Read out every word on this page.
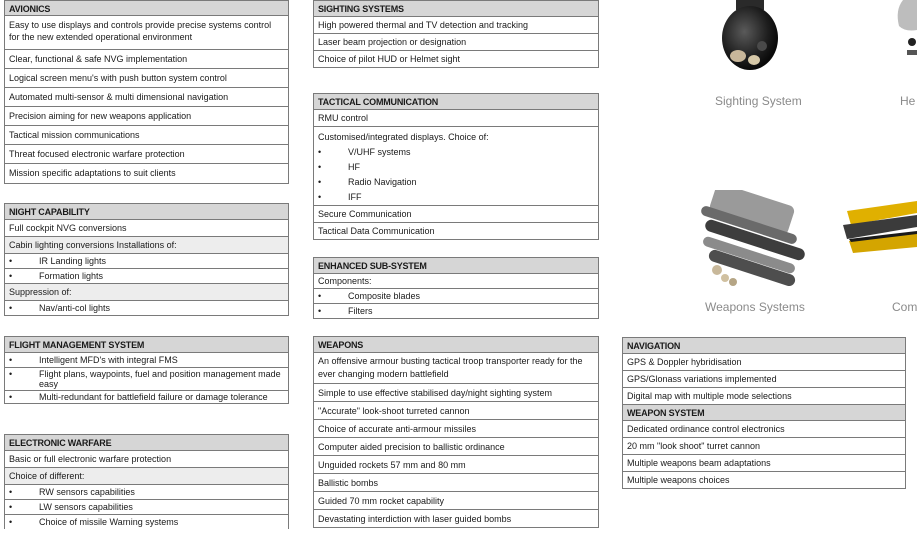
AVIONICS
Easy to use displays and controls provide precise systems control for the new extended operational environment
Clear, functional & safe NVG implementation
Logical screen menu's with push button system control
Automated multi-sensor & multi dimensional navigation
Precision aiming for new weapons application
Tactical mission communications
Threat focused electronic warfare protection
Mission specific adaptations to suit clients
NIGHT CAPABILITY
Full cockpit NVG conversions
Cabin lighting conversions Installations of:
•	IR Landing lights
•	Formation lights
Suppression of:
•	Nav/anti-col lights
FLIGHT MANAGEMENT SYSTEM
•	Intelligent MFD's with integral FMS
•	Flight plans, waypoints, fuel and position management made easy
•	Multi-redundant for battlefield failure or damage tolerance
ELECTRONIC WARFARE
Basic or full electronic warfare protection
Choice of different:
•	RW sensors capabilities
•	LW sensors capabilities
•	Choice of missile Warning systems
SIGHTING SYSTEMS
High powered thermal and TV detection and tracking
Laser beam projection or designation
Choice of pilot HUD or Helmet sight
TACTICAL COMMUNICATION
RMU control
Customised/integrated displays. Choice of:
•	V/UHF systems
•	HF
•	Radio Navigation
•	IFF
Secure Communication
Tactical Data Communication
ENHANCED SUB-SYSTEM
Components:
•	Composite blades
•	Filters
WEAPONS
An offensive armour busting tactical troop transporter ready for the ever changing modern battlefield
Simple to use effective stabilised day/night sighting system
"Accurate" look-shoot turreted cannon
Choice of accurate anti-armour missiles
Computer aided precision to ballistic ordinance
Unguided rockets 57 mm and 80 mm
Ballistic bombs
Guided 70 mm rocket capability
Devastating interdiction with laser guided bombs
Sighting System	He
Weapons Systems	Com
NAVIGATION
GPS & Doppler hybridisation
GPS/Glonass variations implemented
Digital map with multiple mode selections
WEAPON SYSTEM
Dedicated ordinance control electronics
20 mm "look shoot" turret cannon
Multiple weapons beam adaptations
Multiple weapons choices
